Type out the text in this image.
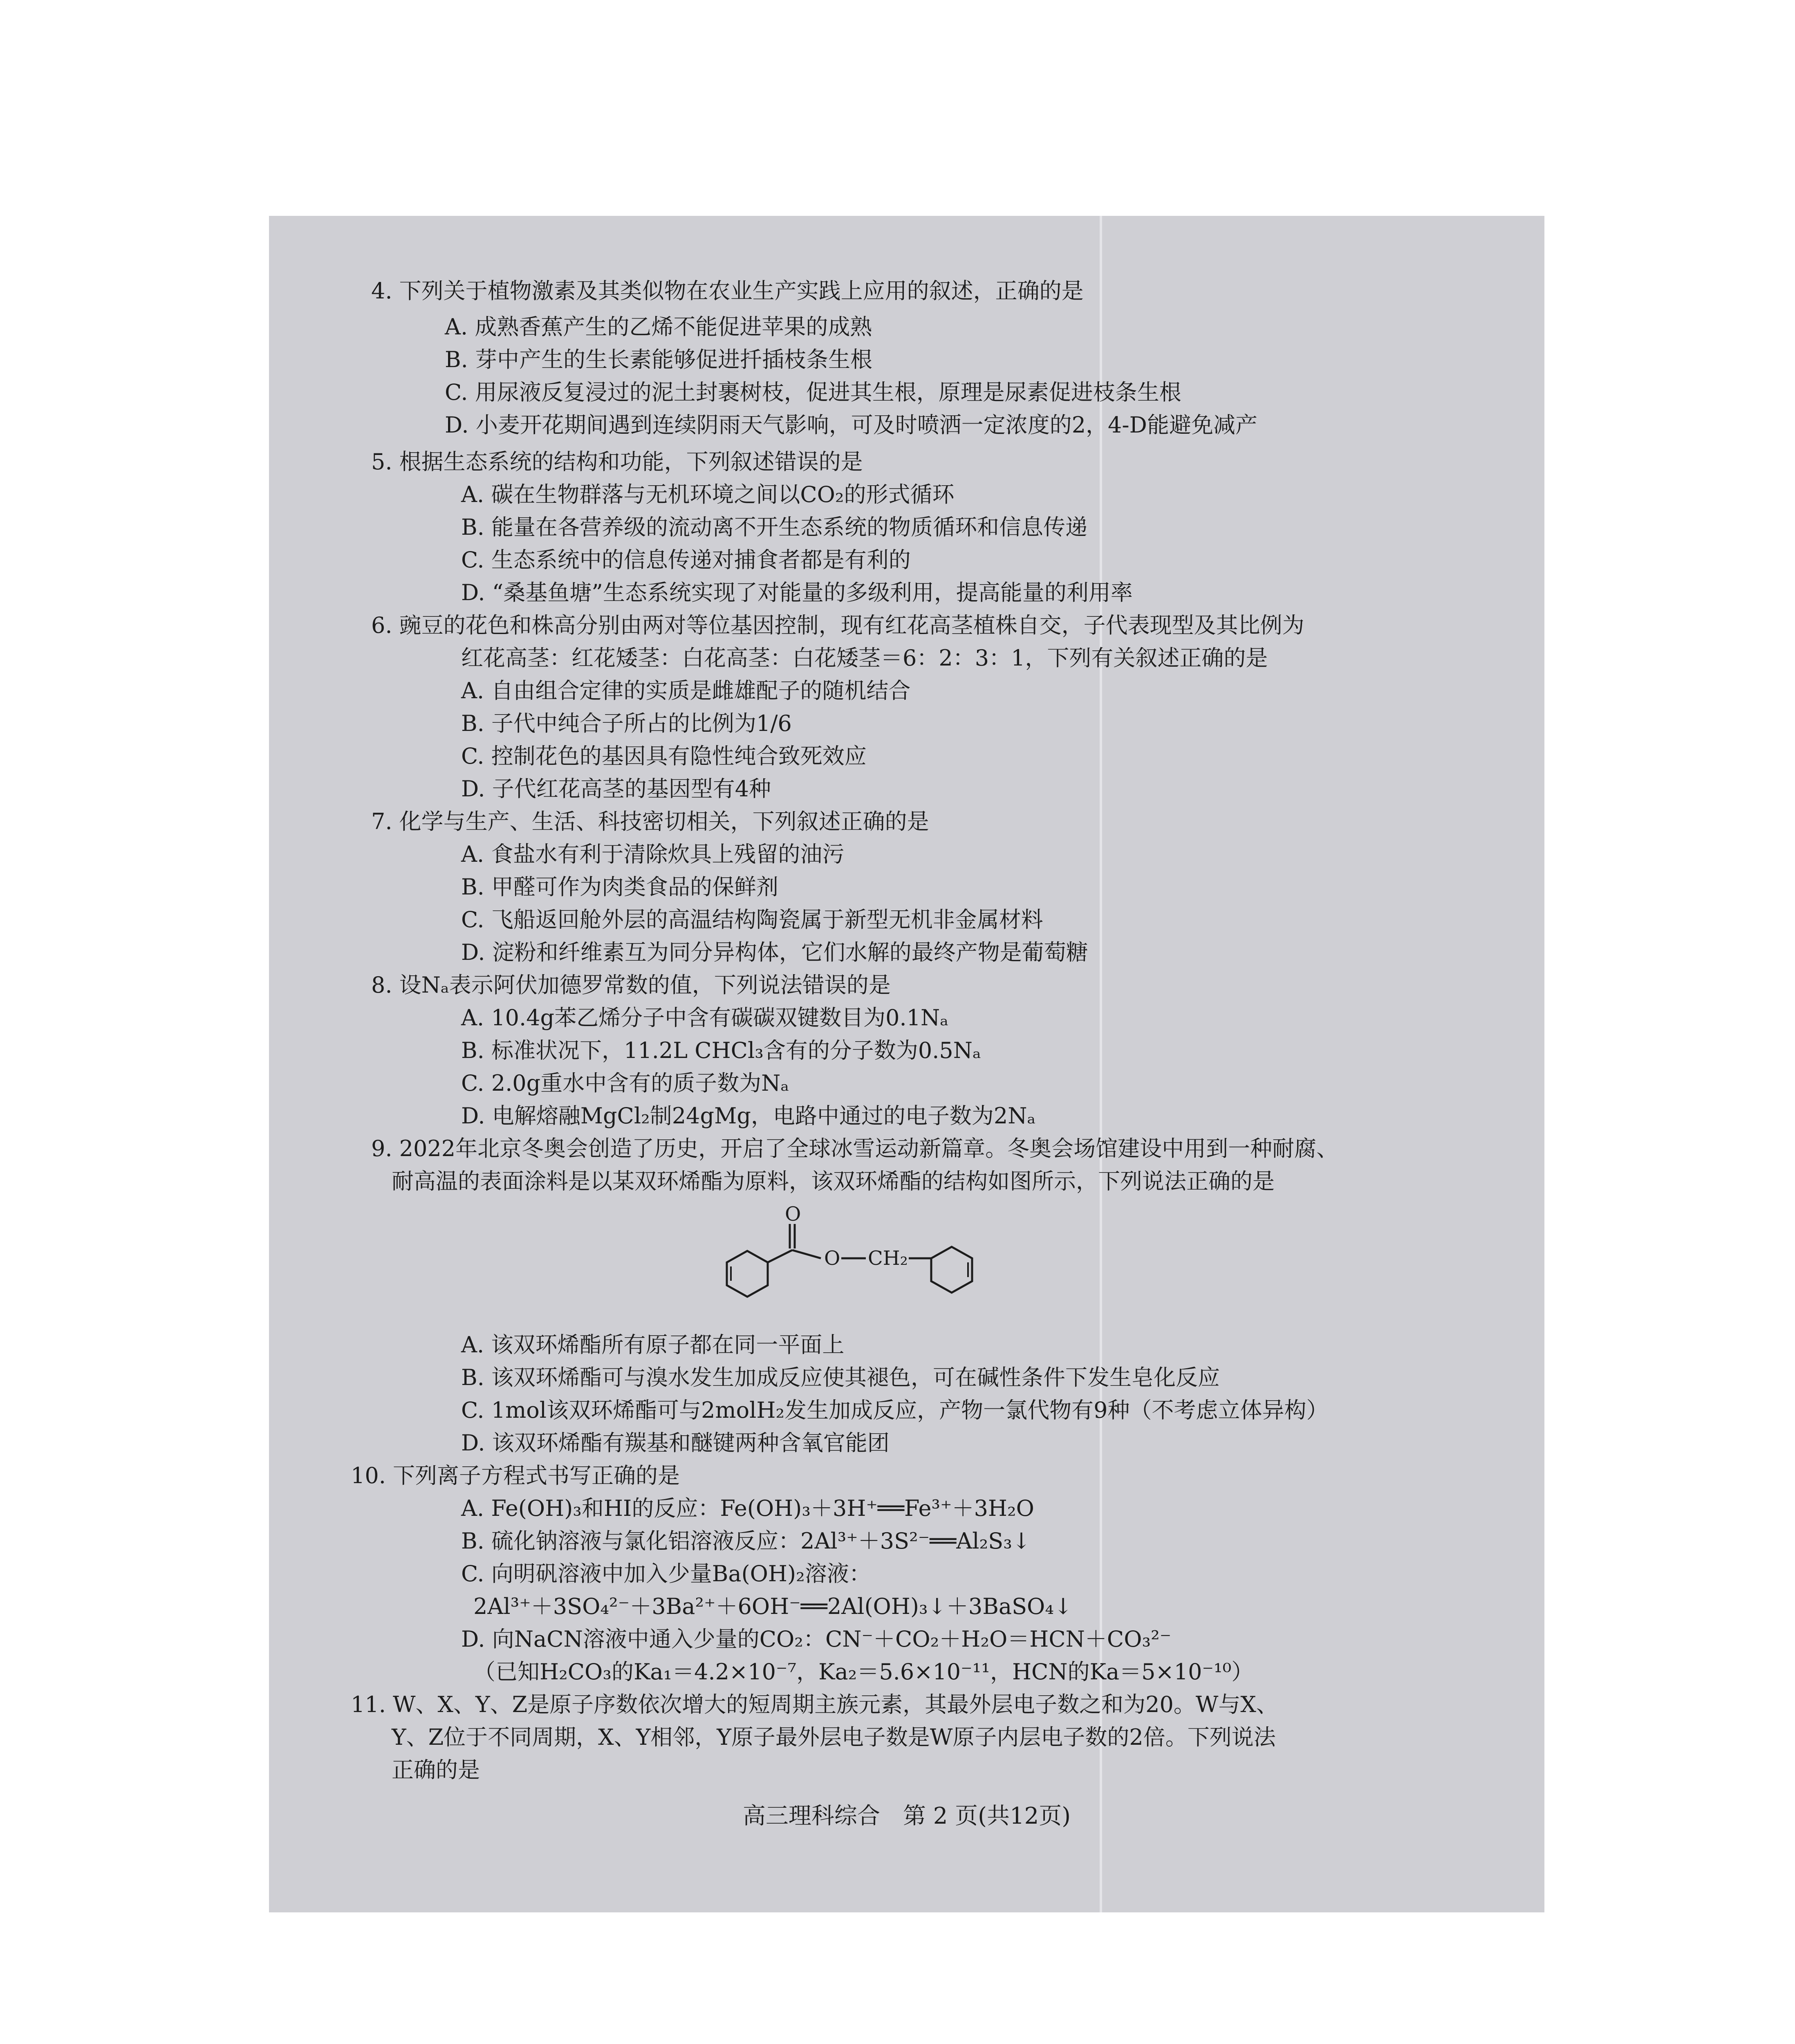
4. 下列关于植物激素及其类似物在农业生产实践上应用的叙述，正确的是
A. 成熟香蕉产生的乙烯不能促进苹果的成熟
B. 芽中产生的生长素能够促进扦插枝条生根
C. 用尿液反复浸过的泥土封裹树枝，促进其生根，原理是尿素促进枝条生根
D. 小麦开花期间遇到连续阴雨天气影响，可及时喷洒一定浓度的2，4-D能避免减产
5. 根据生态系统的结构和功能，下列叙述错误的是
A. 碳在生物群落与无机环境之间以CO₂的形式循环
B. 能量在各营养级的流动离不开生态系统的物质循环和信息传递
C. 生态系统中的信息传递对捕食者都是有利的
D. “桑基鱼塘”生态系统实现了对能量的多级利用，提高能量的利用率
6. 豌豆的花色和株高分别由两对等位基因控制，现有红花高茎植株自交，子代表现型及其比例为
红花高茎：红花矮茎：白花高茎：白花矮茎＝6：2：3：1，下列有关叙述正确的是
A. 自由组合定律的实质是雌雄配子的随机结合
B. 子代中纯合子所占的比例为1/6
C. 控制花色的基因具有隐性纯合致死效应
D. 子代红花高茎的基因型有4种
7. 化学与生产、生活、科技密切相关，下列叙述正确的是
A. 食盐水有利于清除炊具上残留的油污
B. 甲醛可作为肉类食品的保鲜剂
C. 飞船返回舱外层的高温结构陶瓷属于新型无机非金属材料
D. 淀粉和纤维素互为同分异构体，它们水解的最终产物是葡萄糖
8. 设Nₐ表示阿伏加德罗常数的值，下列说法错误的是
A. 10.4g苯乙烯分子中含有碳碳双键数目为0.1Nₐ
B. 标准状况下，11.2L CHCl₃含有的分子数为0.5Nₐ
C. 2.0g重水中含有的质子数为Nₐ
D. 电解熔融MgCl₂制24gMg，电路中通过的电子数为2Nₐ
9. 2022年北京冬奥会创造了历史，开启了全球冰雪运动新篇章。冬奥会场馆建设中用到一种耐腐、
耐高温的表面涂料是以某双环烯酯为原料，该双环烯酯的结构如图所示，下列说法正确的是
O
O CH₂
A. 该双环烯酯所有原子都在同一平面上
B. 该双环烯酯可与溴水发生加成反应使其褪色，可在碱性条件下发生皂化反应
C. 1mol该双环烯酯可与2molH₂发生加成反应，产物一氯代物有9种（不考虑立体异构）
D. 该双环烯酯有羰基和醚键两种含氧官能团
10. 下列离子方程式书写正确的是
A. Fe(OH)₃和HI的反应：Fe(OH)₃＋3H⁺══Fe³⁺＋3H₂O
B. 硫化钠溶液与氯化铝溶液反应：2Al³⁺＋3S²⁻══Al₂S₃↓
C. 向明矾溶液中加入少量Ba(OH)₂溶液：
2Al³⁺＋3SO₄²⁻＋3Ba²⁺＋6OH⁻══2Al(OH)₃↓＋3BaSO₄↓
D. 向NaCN溶液中通入少量的CO₂：CN⁻＋CO₂＋H₂O＝HCN＋CO₃²⁻
（已知H₂CO₃的Ka₁＝4.2×10⁻⁷，Ka₂＝5.6×10⁻¹¹，HCN的Ka＝5×10⁻¹⁰）
11. W、X、Y、Z是原子序数依次增大的短周期主族元素，其最外层电子数之和为20。W与X、
Y、Z位于不同周期，X、Y相邻，Y原子最外层电子数是W原子内层电子数的2倍。下列说法
正确的是
高三理科综合　第 2 页(共12页)
